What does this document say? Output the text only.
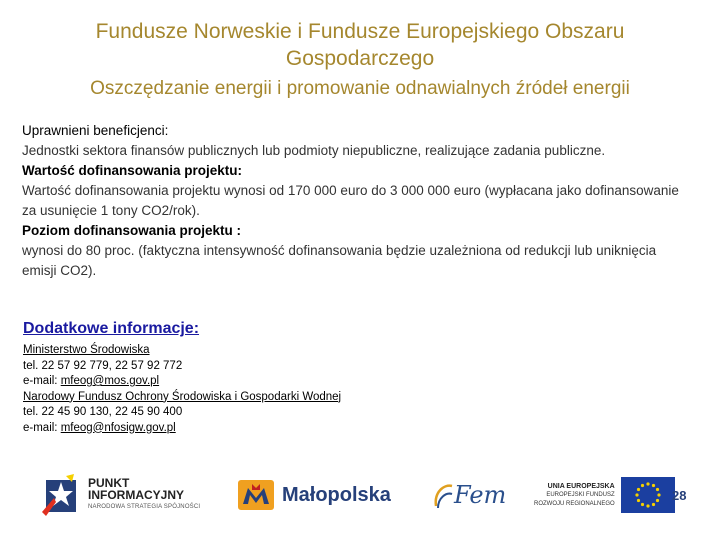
Fundusze Norweskie i Fundusze Europejskiego Obszaru Gospodarczego
Oszczędzanie energii i promowanie odnawialnych źródeł energii
Uprawnieni beneficjenci:
Jednostki sektora finansów publicznych lub podmioty niepubliczne, realizujące zadania publiczne.
Wartość dofinansowania projektu:
Wartość dofinansowania projektu wynosi od 170 000 euro do 3 000 000 euro (wypłacana jako dofinansowanie za usunięcie 1 tony CO2/rok).
Poziom dofinansowania projektu :
wynosi do 80 proc. (faktyczna intensywność dofinansowania będzie uzależniona od redukcji lub uniknięcia emisji CO2).
Dodatkowe informacje:
Ministerstwo Środowiska
tel. 22 57 92 779, 22 57 92 772
e-mail: mfeog@mos.gov.pl
Narodowy Fundusz Ochrony Środowiska i Gospodarki Wodnej
tel. 22 45 90 130, 22 45 90 400
e-mail: mfeog@nfosigw.gov.pl
PUNKT
INFORMACYJNY
NARODOWA STRATEGIA SPÓJNOŚCI
Małopolska	Fem	UNIA EUROPEJSKA
EUROPEJSKI FUNDUSZ
ROZWOJU REGIONALNEGO
28
